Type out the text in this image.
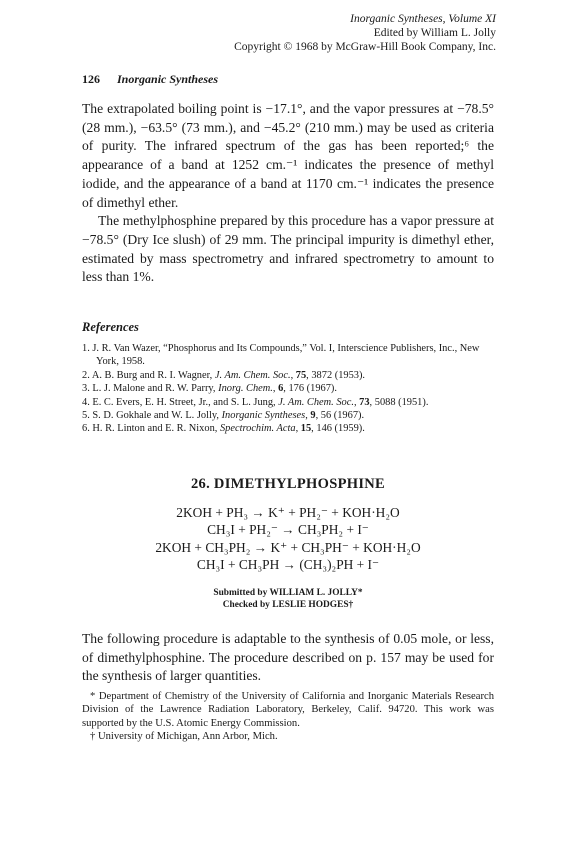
Inorganic Syntheses, Volume XI
Edited by William L. Jolly
Copyright © 1968 by McGraw-Hill Book Company, Inc.
126 Inorganic Syntheses

The extrapolated boiling point is −17.1°, and the vapor pressures at −78.5° (28 mm.), −63.5° (73 mm.), and −45.2° (210 mm.) may be used as criteria of purity. The infrared spectrum of the gas has been reported;⁶ the appearance of a band at 1252 cm.⁻¹ indicates the presence of methyl iodide, and the appearance of a band at 1170 cm.⁻¹ indicates the presence of dimethyl ether.

The methylphosphine prepared by this procedure has a vapor pressure at −78.5° (Dry Ice slush) of 29 mm. The principal impurity is dimethyl ether, estimated by mass spectrometry and infrared spectrometry to amount to less than 1%.

References
1. J. R. Van Wazer, “Phosphorus and Its Compounds,” Vol. I, Interscience Publishers, Inc., New York, 1958.
2. A. B. Burg and R. I. Wagner, J. Am. Chem. Soc., 75, 3872 (1953).
3. L. J. Malone and R. W. Parry, Inorg. Chem., 6, 176 (1967).
4. E. C. Evers, E. H. Street, Jr., and S. L. Jung, J. Am. Chem. Soc., 73, 5088 (1951).
5. S. D. Gokhale and W. L. Jolly, Inorganic Syntheses, 9, 56 (1967).
6. H. R. Linton and E. R. Nixon, Spectrochim. Acta, 15, 146 (1959).
26. DIMETHYLPHOSPHINE
2KOH + PH₃ → K⁺ + PH₂⁻ + KOH·H₂O
CH₃I + PH₂⁻ → CH₃PH₂ + I⁻
2KOH + CH₃PH₂ → K⁺ + CH₃PH⁻ + KOH·H₂O
CH₃I + CH₃PH → (CH₃)₂PH + I⁻
Submitted by WILLIAM L. JOLLY*
Checked by LESLIE HODGES†

The following procedure is adaptable to the synthesis of 0.05 mole, or less, of dimethylphosphine. The procedure described on p. 157 may be used for the synthesis of larger quantities.

* Department of Chemistry of the University of California and Inorganic Materials Research Division of the Lawrence Radiation Laboratory, Berkeley, Calif. 94720. This work was supported by the U.S. Atomic Energy Commission.

† University of Michigan, Ann Arbor, Mich.
